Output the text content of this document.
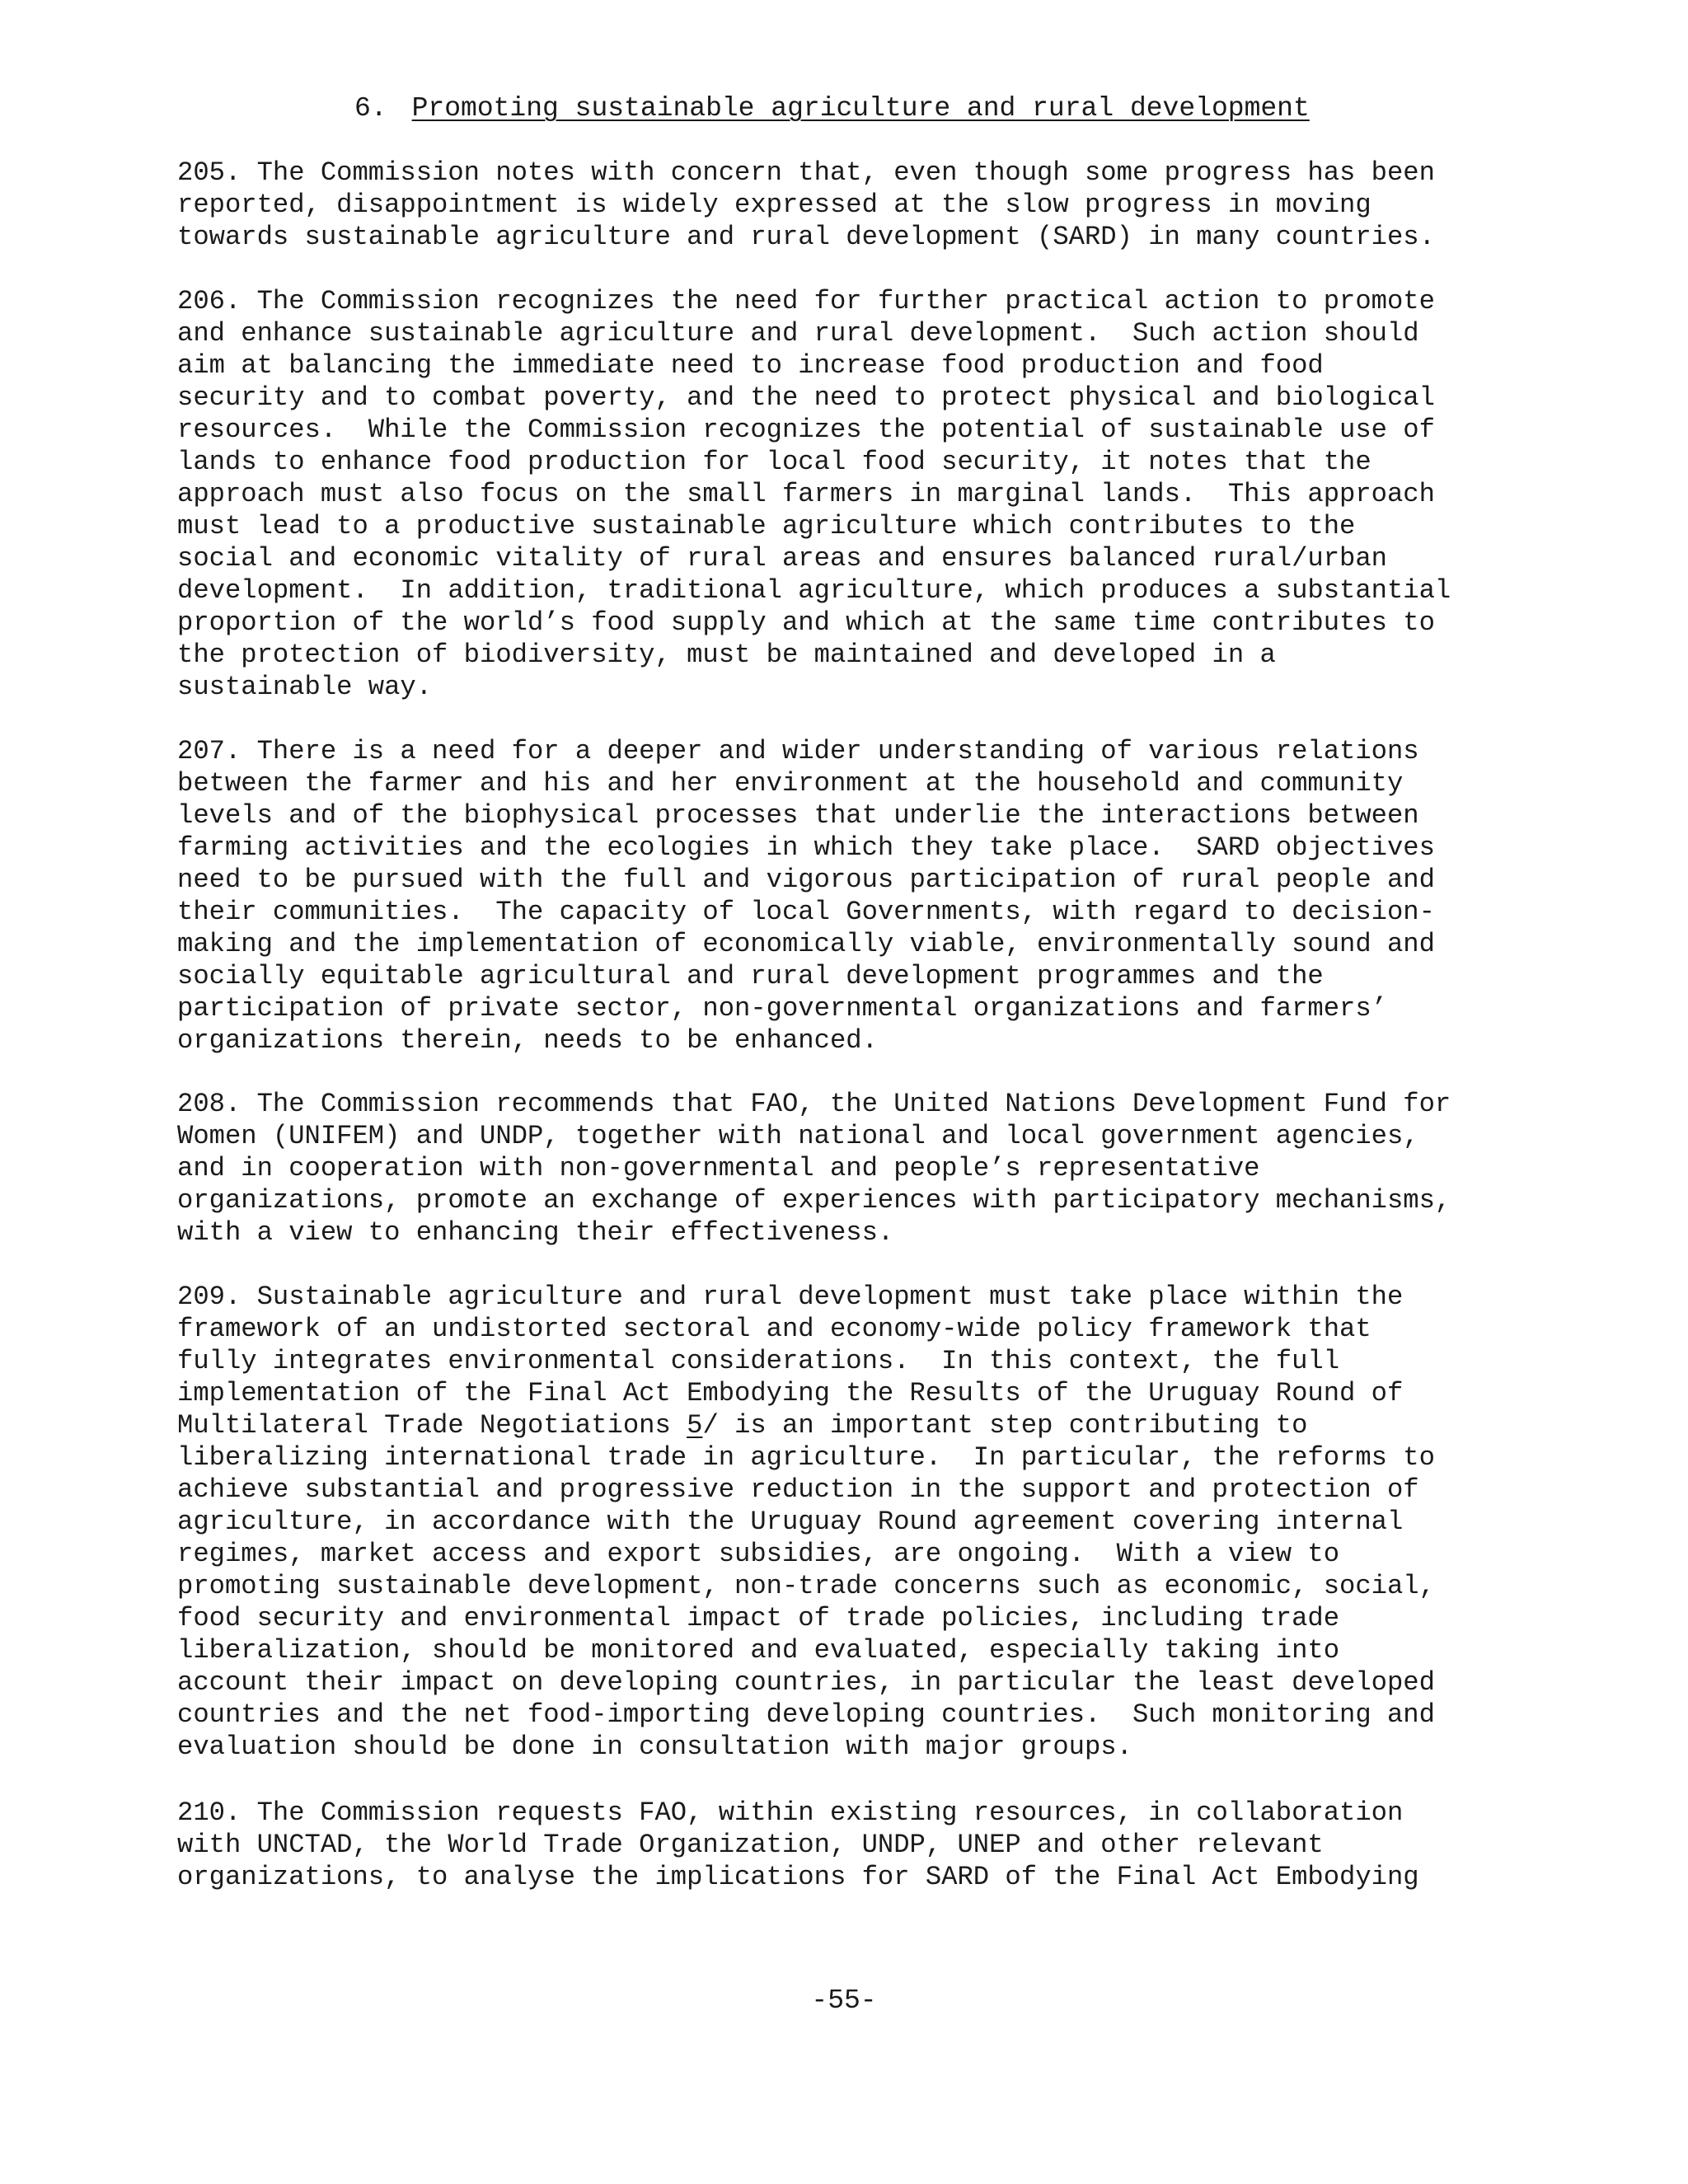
6. Promoting sustainable agriculture and rural development
205. The Commission notes with concern that, even though some progress has been
reported, disappointment is widely expressed at the slow progress in moving
towards sustainable agriculture and rural development (SARD) in many countries.
206. The Commission recognizes the need for further practical action to promote
and enhance sustainable agriculture and rural development.  Such action should
aim at balancing the immediate need to increase food production and food
security and to combat poverty, and the need to protect physical and biological
resources.  While the Commission recognizes the potential of sustainable use of
lands to enhance food production for local food security, it notes that the
approach must also focus on the small farmers in marginal lands.  This approach
must lead to a productive sustainable agriculture which contributes to the
social and economic vitality of rural areas and ensures balanced rural/urban
development.  In addition, traditional agriculture, which produces a substantial
proportion of the world’s food supply and which at the same time contributes to
the protection of biodiversity, must be maintained and developed in a
sustainable way.
207. There is a need for a deeper and wider understanding of various relations
between the farmer and his and her environment at the household and community
levels and of the biophysical processes that underlie the interactions between
farming activities and the ecologies in which they take place.  SARD objectives
need to be pursued with the full and vigorous participation of rural people and
their communities.  The capacity of local Governments, with regard to decision-
making and the implementation of economically viable, environmentally sound and
socially equitable agricultural and rural development programmes and the
participation of private sector, non-governmental organizations and farmers’
organizations therein, needs to be enhanced.
208. The Commission recommends that FAO, the United Nations Development Fund for
Women (UNIFEM) and UNDP, together with national and local government agencies,
and in cooperation with non-governmental and people’s representative
organizations, promote an exchange of experiences with participatory mechanisms,
with a view to enhancing their effectiveness.
209. Sustainable agriculture and rural development must take place within the
framework of an undistorted sectoral and economy-wide policy framework that
fully integrates environmental considerations.  In this context, the full
implementation of the Final Act Embodying the Results of the Uruguay Round of
Multilateral Trade Negotiations 5/ is an important step contributing to
liberalizing international trade in agriculture.  In particular, the reforms to
achieve substantial and progressive reduction in the support and protection of
agriculture, in accordance with the Uruguay Round agreement covering internal
regimes, market access and export subsidies, are ongoing.  With a view to
promoting sustainable development, non-trade concerns such as economic, social,
food security and environmental impact of trade policies, including trade
liberalization, should be monitored and evaluated, especially taking into
account their impact on developing countries, in particular the least developed
countries and the net food-importing developing countries.  Such monitoring and
evaluation should be done in consultation with major groups.
210. The Commission requests FAO, within existing resources, in collaboration
with UNCTAD, the World Trade Organization, UNDP, UNEP and other relevant
organizations, to analyse the implications for SARD of the Final Act Embodying
-55-
